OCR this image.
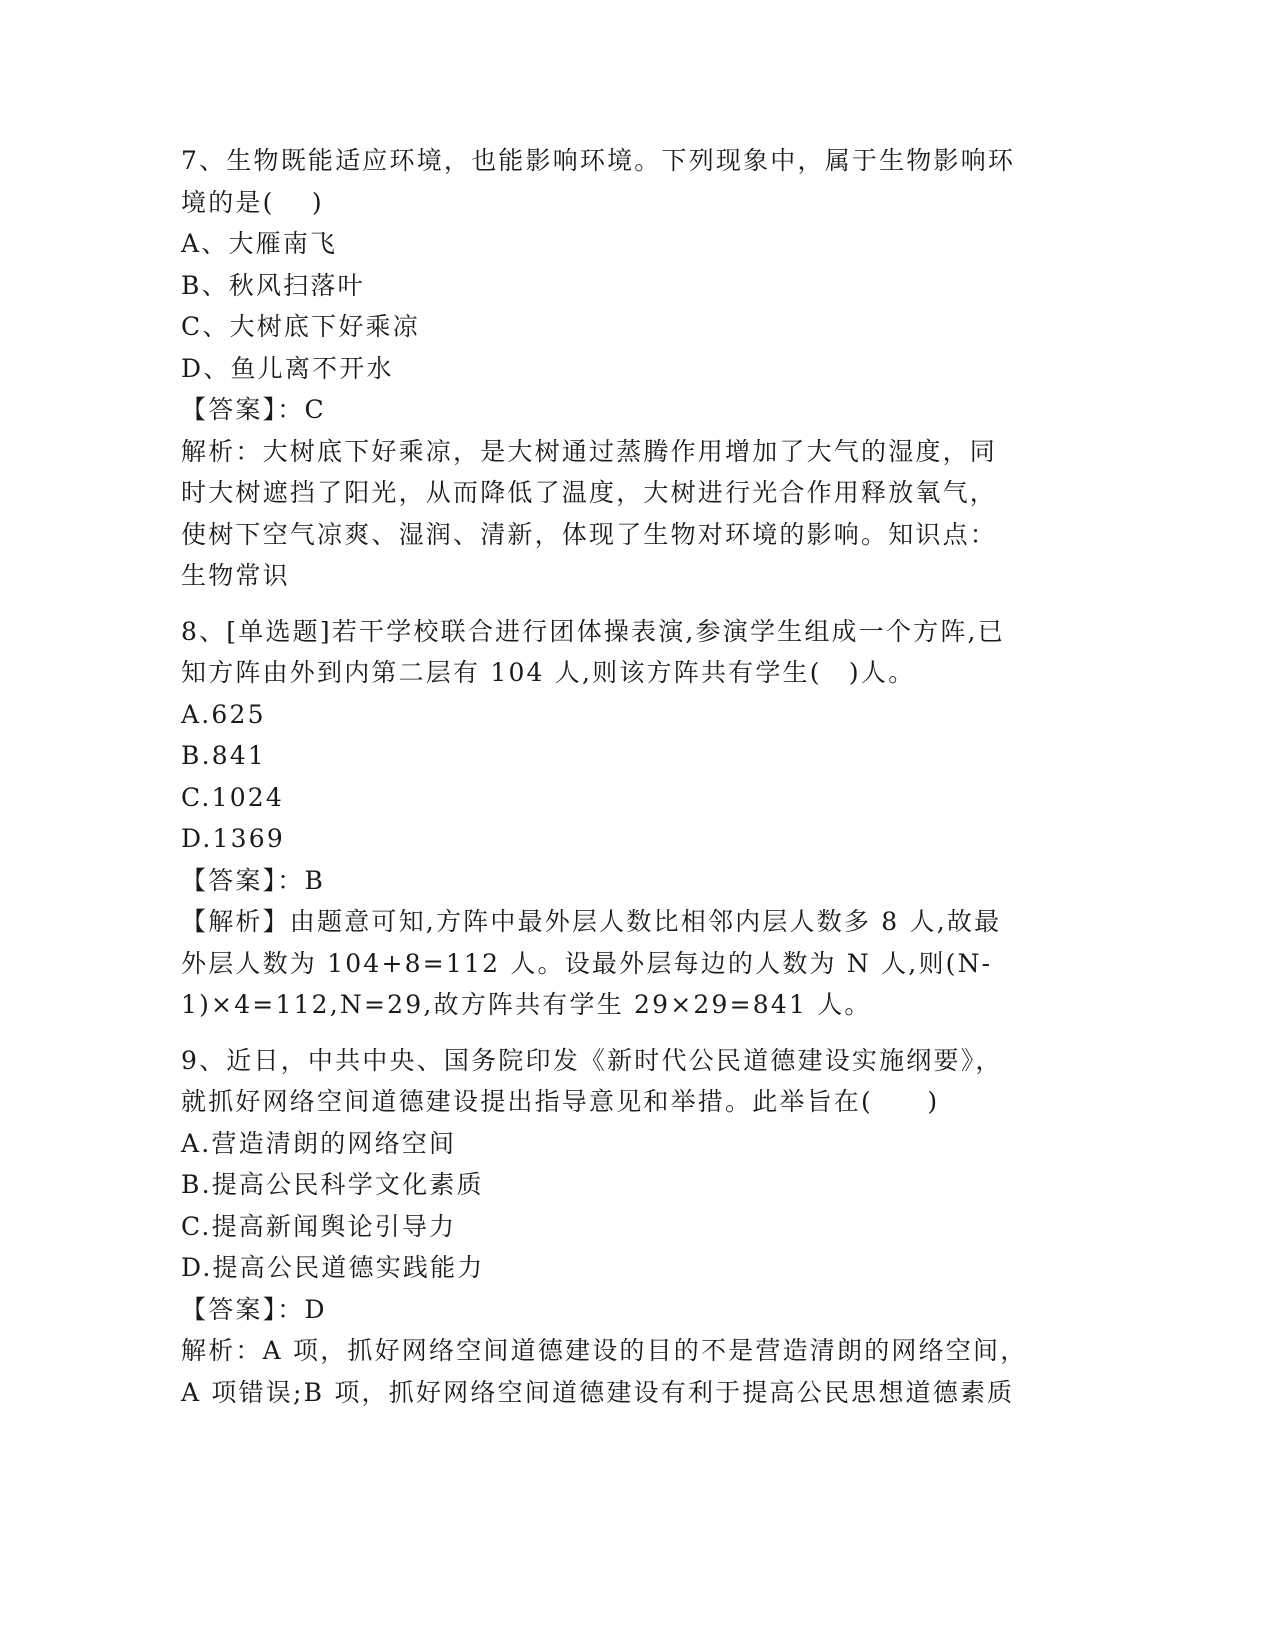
7、生物既能适应环境，也能影响环境。下列现象中，属于生物影响环
境的是(　 )
A、大雁南飞
B、秋风扫落叶
C、大树底下好乘凉
D、鱼儿离不开水
【答案】：C
解析：大树底下好乘凉，是大树通过蒸腾作用增加了大气的湿度，同
时大树遮挡了阳光，从而降低了温度，大树进行光合作用释放氧气，
使树下空气凉爽、湿润、清新，体现了生物对环境的影响。知识点：
生物常识
8、[单选题]若干学校联合进行团体操表演,参演学生组成一个方阵,已
知方阵由外到内第二层有 104 人,则该方阵共有学生(　)人。
A.625
B.841
C.1024
D.1369
【答案】：B
【解析】由题意可知,方阵中最外层人数比相邻内层人数多 8 人,故最
外层人数为 104+8=112 人。设最外层每边的人数为 N 人,则(N-
1)×4=112,N=29,故方阵共有学生 29×29=841 人。
9、近日，中共中央、国务院印发《新时代公民道德建设实施纲要》，
就抓好网络空间道德建设提出指导意见和举措。此举旨在(　　)
A.营造清朗的网络空间
B.提高公民科学文化素质
C.提高新闻舆论引导力
D.提高公民道德实践能力
【答案】：D
解析：A 项，抓好网络空间道德建设的目的不是营造清朗的网络空间，
A 项错误;B 项，抓好网络空间道德建设有利于提高公民思想道德素质
